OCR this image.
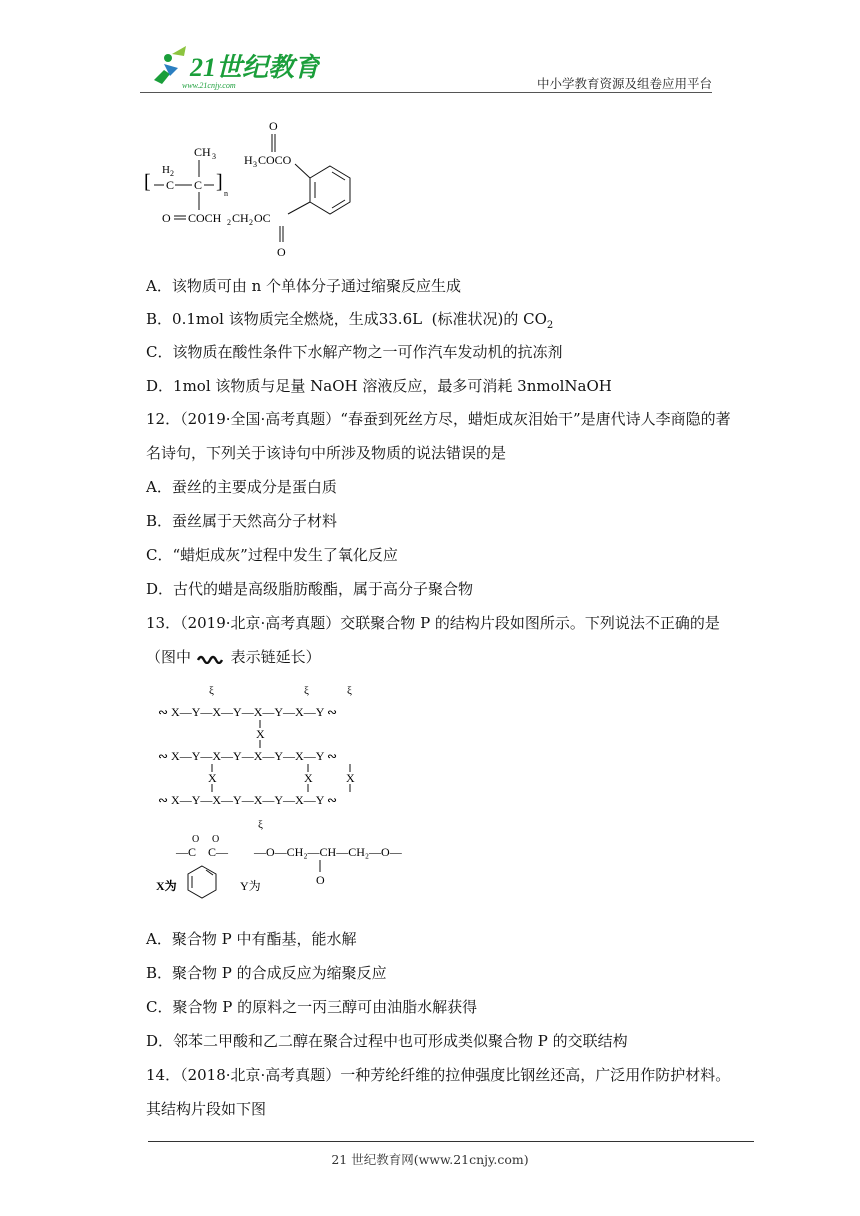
21世纪教育
www.21cnjy.com	中小学教育资源及组卷应用平台
[
H 2
C C ]
n
CH 3
O COCH 2 CH 2 OC
O
H 3 COCO
O
A．该物质可由 n 个单体分子通过缩聚反应生成
B．0.1mol 该物质完全燃烧，生成33.6L (标准状况)的 $CO_2$
C．该物质在酸性条件下水解产物之一可作汽车发动机的抗冻剂
D．1mol 该物质与足量 NaOH 溶液反应，最多可消耗 3nmolNaOH
12．（2019·全国·高考真题）“春蚕到死丝方尽，蜡炬成灰泪始干”是唐代诗人李商隐的著
名诗句，下列关于该诗句中所涉及物质的说法错误的是
A．蚕丝的主要成分是蛋白质
B．蚕丝属于天然高分子材料
C．“蜡炬成灰”过程中发生了氧化反应
D．古代的蜡是高级脂肪酸酯，属于高分子聚合物
13．（2019·北京·高考真题）交联聚合物 P 的结构片段如图所示。下列说法不正确的是
（图中	表示链延长）
∾ X—Y—X—Y—X—Y—X—Y ∾
∾ X—Y—X—Y—X—Y—X—Y ∾
∾ X—Y—X—Y—X—Y—X—Y ∾
ξ	ξ	ξ
X
X	X	X
ξ
—C
O
C—
O
X为	Y为
—O—CH₂—CH—CH₂—O—
O
A．聚合物 P 中有酯基，能水解
B．聚合物 P 的合成反应为缩聚反应
C．聚合物 P 的原料之一丙三醇可由油脂水解获得
D．邻苯二甲酸和乙二醇在聚合过程中也可形成类似聚合物 P 的交联结构
14．（2018·北京·高考真题）一种芳纶纤维的拉伸强度比钢丝还高，广泛用作防护材料。
其结构片段如下图
21 世纪教育网(www.21cnjy.com)
